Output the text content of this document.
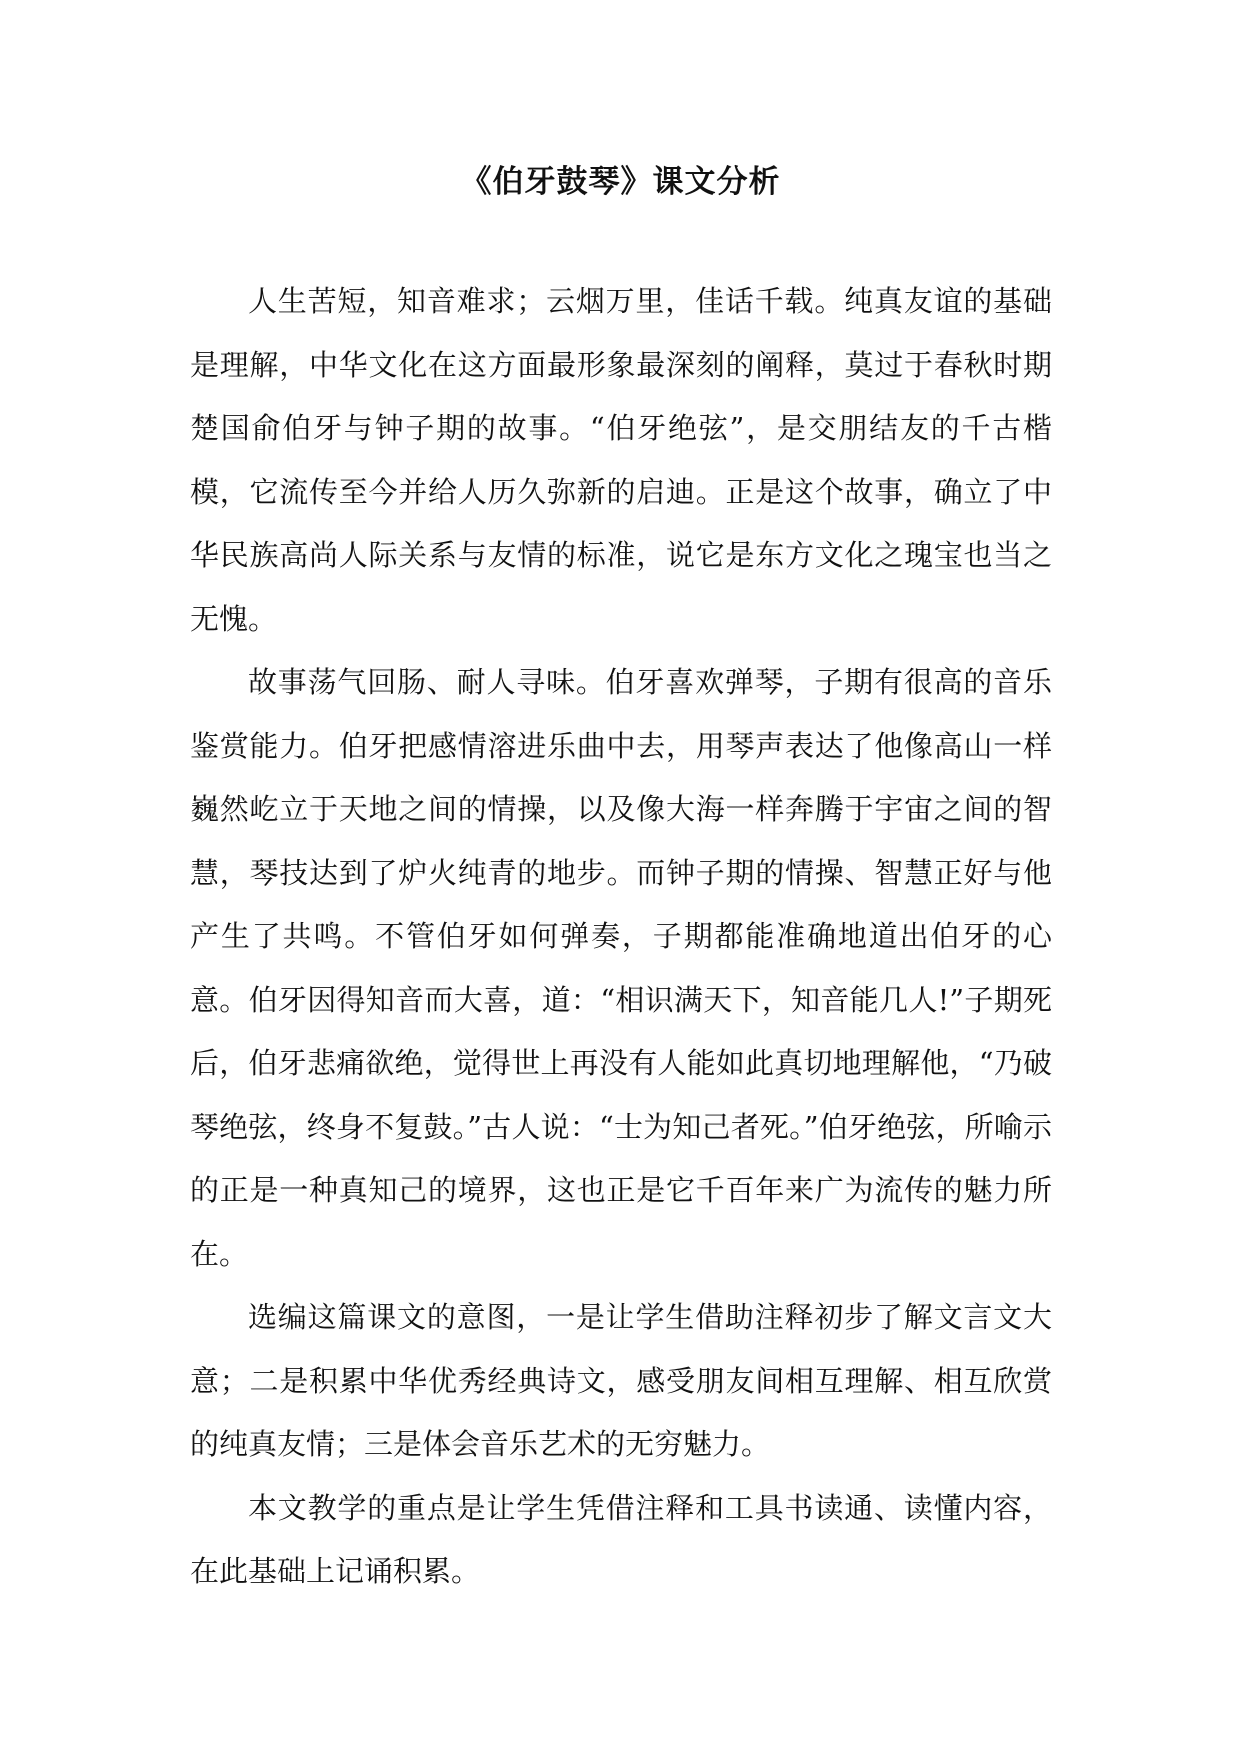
《伯牙鼓琴》课文分析

人生苦短，知音难求；云烟万里，佳话千载。纯真友谊的基础是理解，中华文化在这方面最形象最深刻的阐释，莫过于春秋时期楚国俞伯牙与钟子期的故事。“伯牙绝弦”，是交朋结友的千古楷模，它流传至今并给人历久弥新的启迪。正是这个故事，确立了中华民族高尚人际关系与友情的标准，说它是东方文化之瑰宝也当之无愧。

故事荡气回肠、耐人寻味。伯牙喜欢弹琴，子期有很高的音乐鉴赏能力。伯牙把感情溶进乐曲中去，用琴声表达了他像高山一样巍然屹立于天地之间的情操，以及像大海一样奔腾于宇宙之间的智慧，琴技达到了炉火纯青的地步。而钟子期的情操、智慧正好与他产生了共鸣。不管伯牙如何弹奏，子期都能准确地道出伯牙的心意。伯牙因得知音而大喜，道：“相识满天下，知音能几人!”子期死后，伯牙悲痛欲绝，觉得世上再没有人能如此真切地理解他，“乃破琴绝弦，终身不复鼓。”古人说：“士为知己者死。”伯牙绝弦，所喻示的正是一种真知己的境界，这也正是它千百年来广为流传的魅力所在。

选编这篇课文的意图，一是让学生借助注释初步了解文言文大意；二是积累中华优秀经典诗文，感受朋友间相互理解、相互欣赏的纯真友情；三是体会音乐艺术的无穷魅力。

本文教学的重点是让学生凭借注释和工具书读通、读懂内容，在此基础上记诵积累。
